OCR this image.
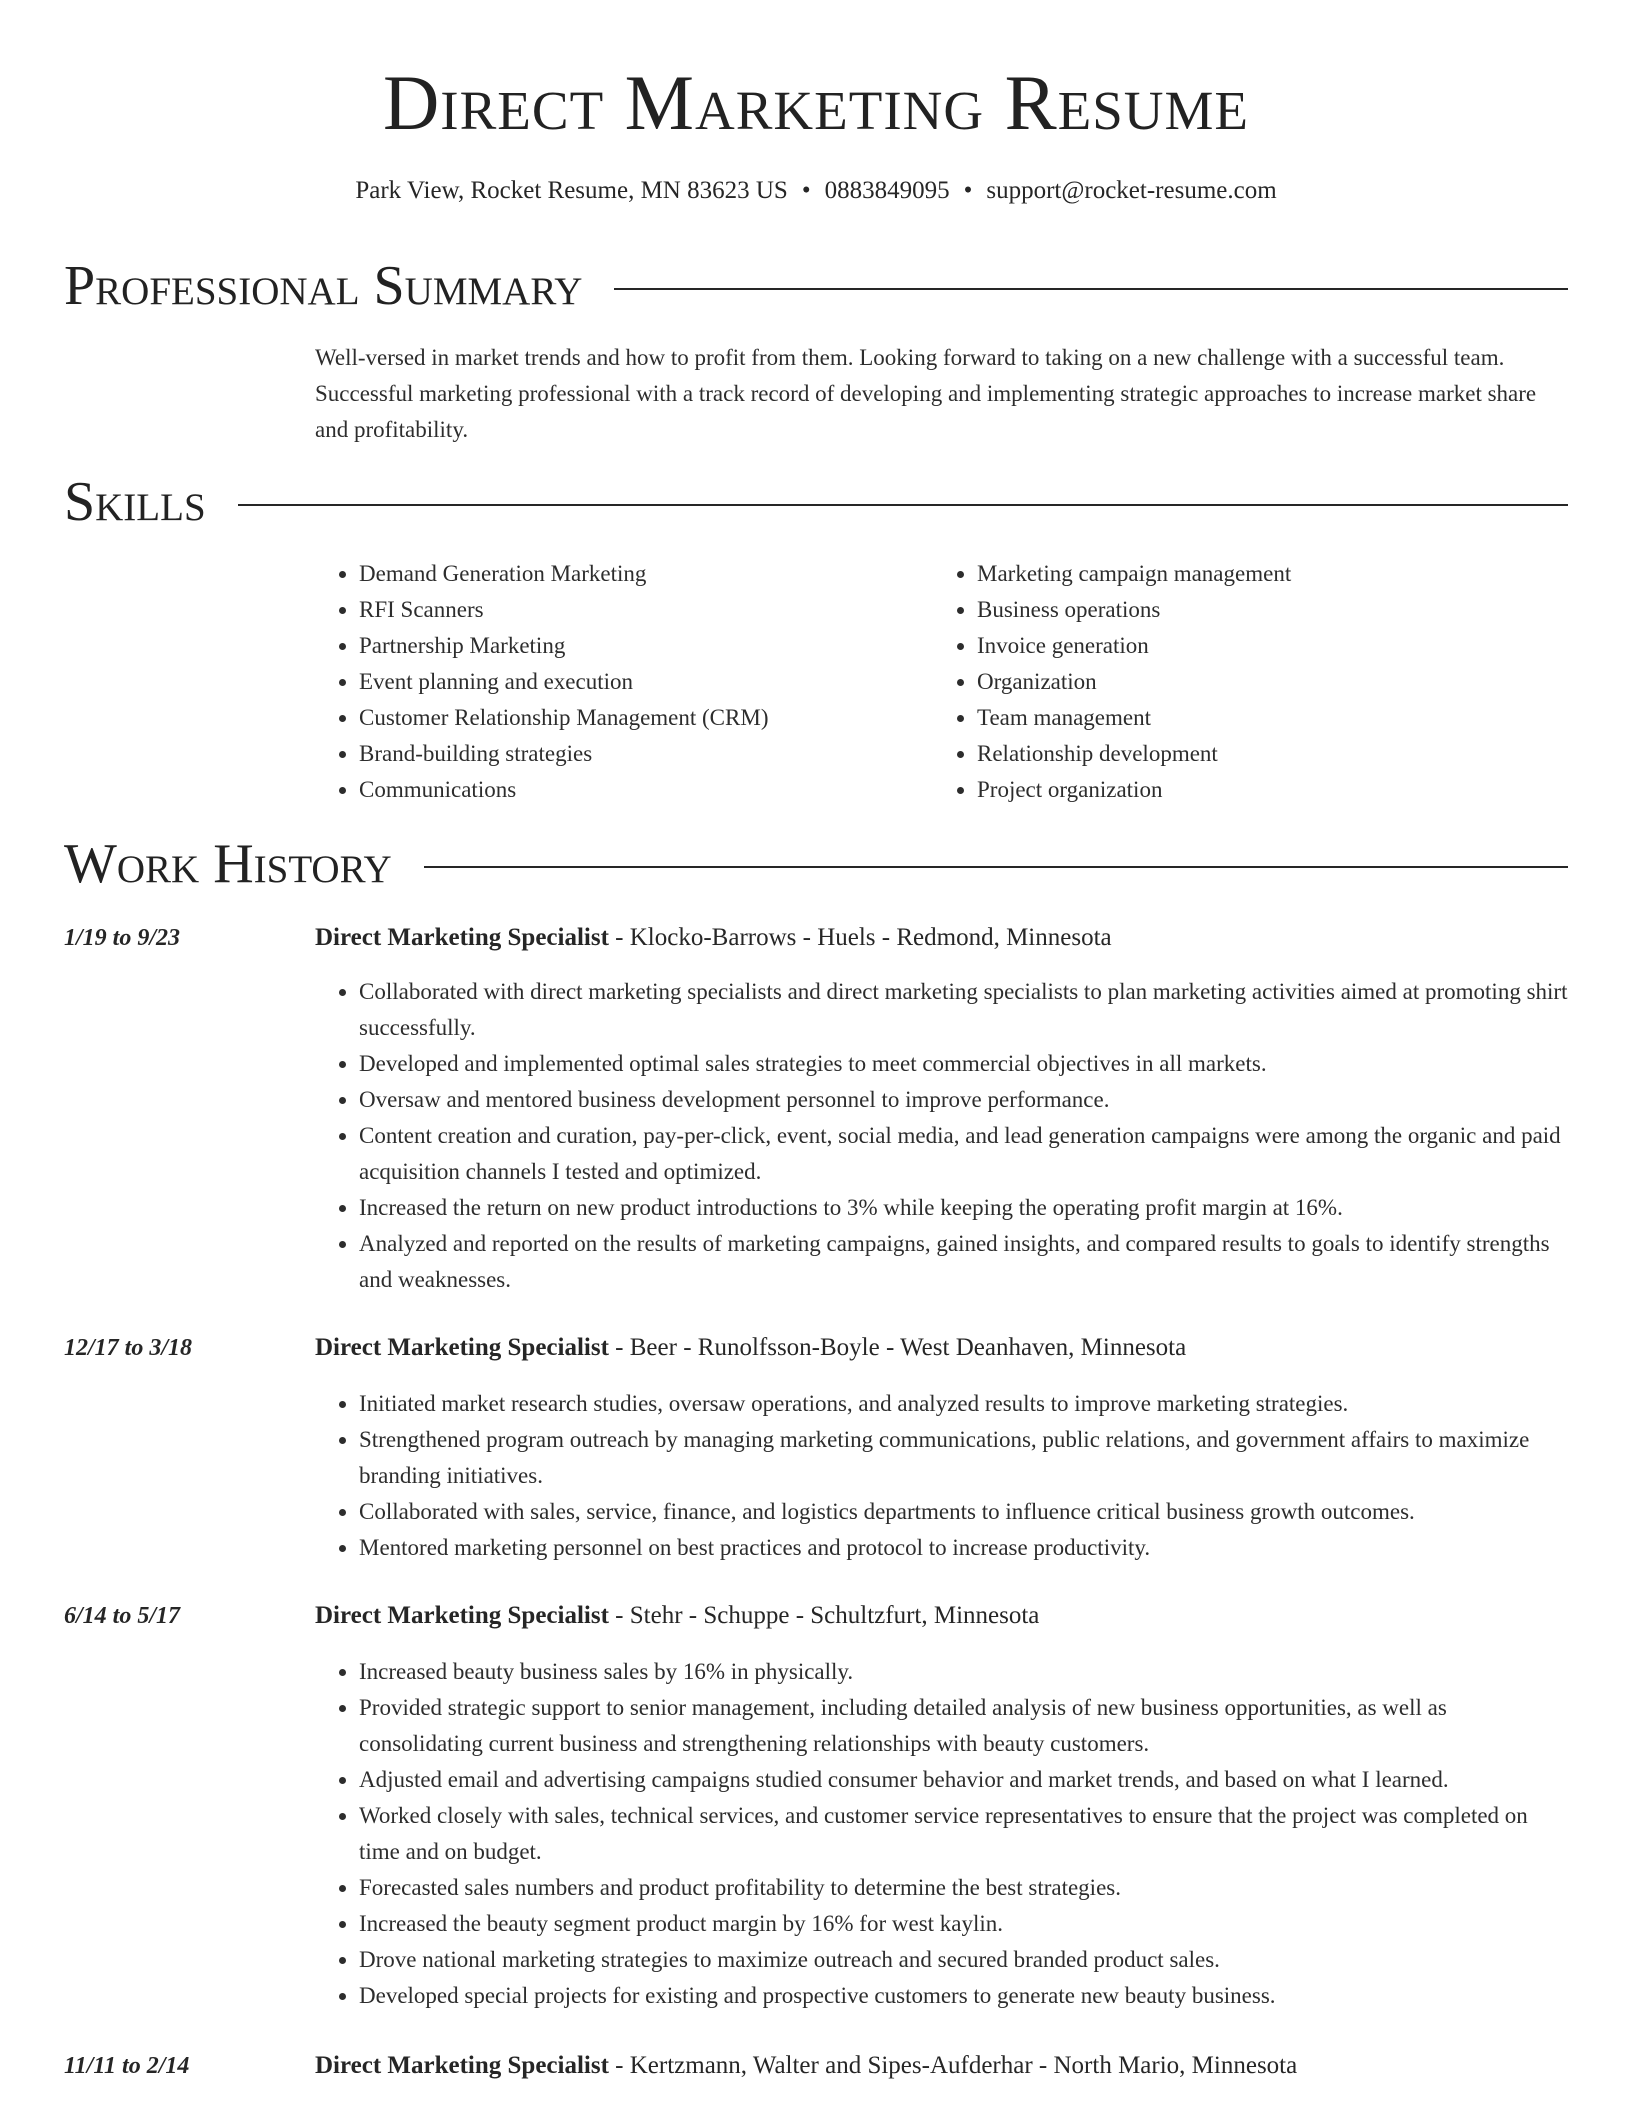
Direct Marketing Resume
Park View, Rocket Resume, MN 83623 US • 0883849095 • support@rocket-resume.com
Professional Summary
Well-versed in market trends and how to profit from them. Looking forward to taking on a new challenge with a successful team. Successful marketing professional with a track record of developing and implementing strategic approaches to increase market share and profitability.
Skills
• Demand Generation Marketing
• RFI Scanners
• Partnership Marketing
• Event planning and execution
• Customer Relationship Management (CRM)
• Brand-building strategies
• Communications
• Marketing campaign management
• Business operations
• Invoice generation
• Organization
• Team management
• Relationship development
• Project organization
Work History
1/19 to 9/23	Direct Marketing Specialist - Klocko-Barrows - Huels - Redmond, Minnesota
• Collaborated with direct marketing specialists and direct marketing specialists to plan marketing activities aimed at promoting shirt successfully.
• Developed and implemented optimal sales strategies to meet commercial objectives in all markets.
• Oversaw and mentored business development personnel to improve performance.
• Content creation and curation, pay-per-click, event, social media, and lead generation campaigns were among the organic and paid acquisition channels I tested and optimized.
• Increased the return on new product introductions to 3% while keeping the operating profit margin at 16%.
• Analyzed and reported on the results of marketing campaigns, gained insights, and compared results to goals to identify strengths and weaknesses.
12/17 to 3/18	Direct Marketing Specialist - Beer - Runolfsson-Boyle - West Deanhaven, Minnesota
• Initiated market research studies, oversaw operations, and analyzed results to improve marketing strategies.
• Strengthened program outreach by managing marketing communications, public relations, and government affairs to maximize branding initiatives.
• Collaborated with sales, service, finance, and logistics departments to influence critical business growth outcomes.
• Mentored marketing personnel on best practices and protocol to increase productivity.
6/14 to 5/17	Direct Marketing Specialist - Stehr - Schuppe - Schultzfurt, Minnesota
• Increased beauty business sales by 16% in physically.
• Provided strategic support to senior management, including detailed analysis of new business opportunities, as well as consolidating current business and strengthening relationships with beauty customers.
• Adjusted email and advertising campaigns studied consumer behavior and market trends, and based on what I learned.
• Worked closely with sales, technical services, and customer service representatives to ensure that the project was completed on time and on budget.
• Forecasted sales numbers and product profitability to determine the best strategies.
• Increased the beauty segment product margin by 16% for west kaylin.
• Drove national marketing strategies to maximize outreach and secured branded product sales.
• Developed special projects for existing and prospective customers to generate new beauty business.
11/11 to 2/14	Direct Marketing Specialist - Kertzmann, Walter and Sipes-Aufderhar - North Mario, Minnesota
